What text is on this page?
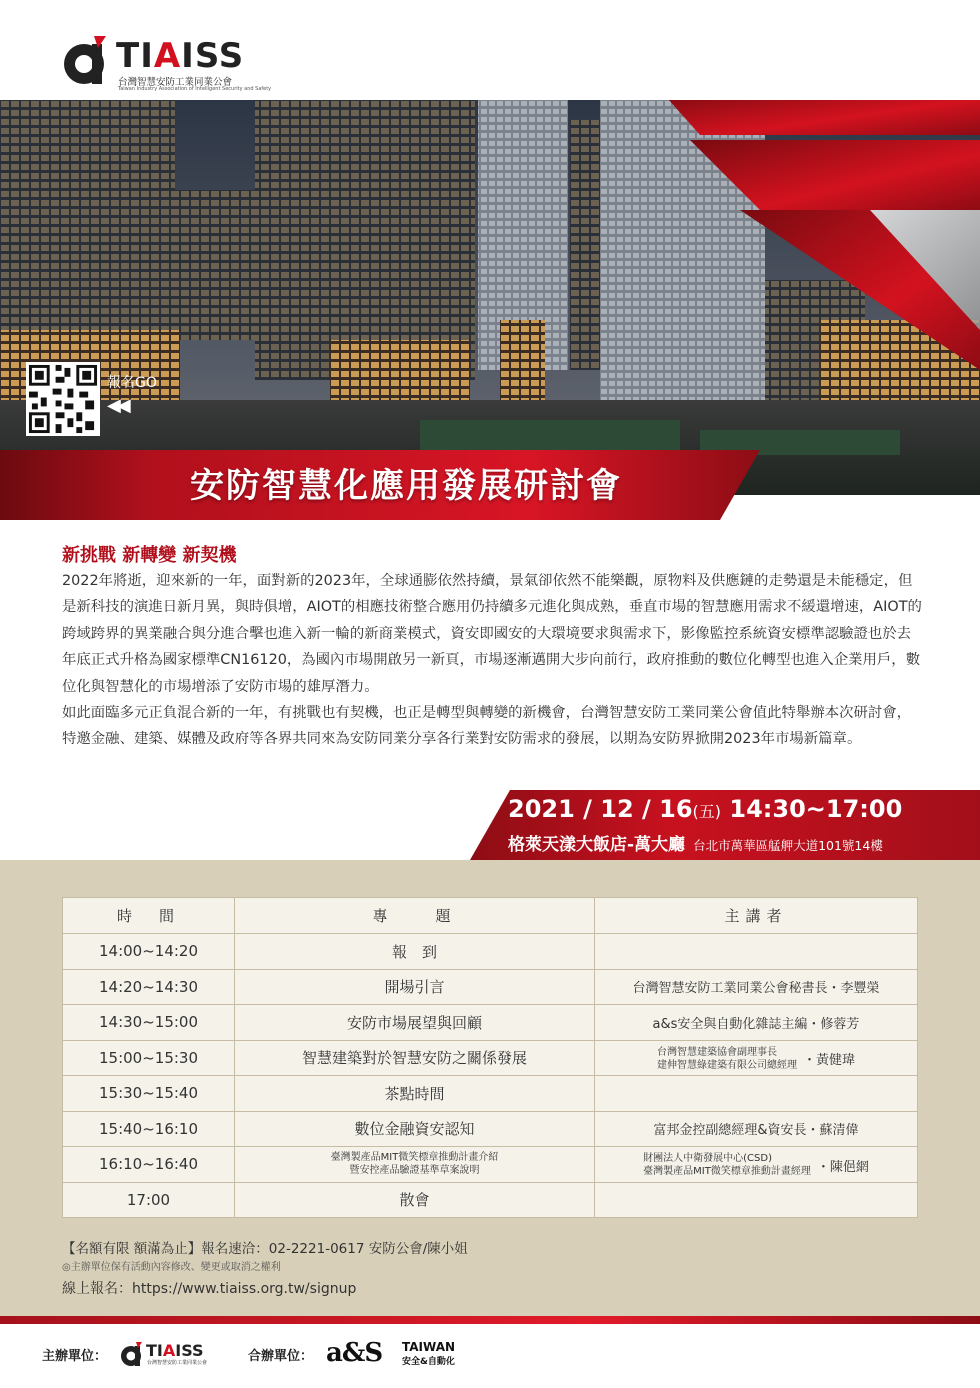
TIAISS
台灣智慧安防工業同業公會
Taiwan Industry Association of Intelligent Security and Safety
報名GO
◀◀
安防智慧化應用發展研討會
新挑戰 新轉變 新契機

2022年將逝，迎來新的一年，面對新的2023年，全球通膨依然持續，景氣卻依然不能樂觀，原物料及供應鏈的走勢還是未能穩定，但是新科技的演進日新月異，與時俱增，AIOT的相應技術整合應用仍持續多元進化與成熟，垂直市場的智慧應用需求不緩還增速，AIOT的跨域跨界的異業融合與分進合擊也進入新一輪的新商業模式，資安即國安的大環境要求與需求下，影像監控系統資安標準認驗證也於去年底正式升格為國家標準CN16120，為國內市場開啟另一新頁，市場逐漸邁開大步向前行，政府推動的數位化轉型也進入企業用戶，數位化與智慧化的市場增添了安防市場的雄厚潛力。

如此面臨多元正負混合新的一年，有挑戰也有契機，也正是轉型與轉變的新機會，台灣智慧安防工業同業公會值此特舉辦本次研討會，特邀金融、建築、媒體及政府等各界共同來為安防同業分享各行業對安防需求的發展，以期為安防界掀開2023年市場新篇章。

2021 / 12 / 16(五) 14:30~17:00
格萊天漾大飯店-萬大廳 台北市萬華區艋舺大道101號14樓
時　間	專　　題	主講者
14:00~14:20	報　到	
14:20~14:30	開場引言	台灣智慧安防工業同業公會秘書長・李豐榮
14:30~15:00	安防市場展望與回顧	a&s安全與自動化雜誌主編・修蓉芳
15:00~15:30	智慧建築對於智慧安防之關係發展	台灣智慧建築協會副理事長
建伸智慧綠建築有限公司總經理 ・黃健瑋

15:30~15:40	茶點時間	
15:40~16:10	數位金融資安認知	富邦金控副總經理&資安長・蘇清偉
16:10~16:40	臺灣製產品MIT微笑標章推動計畫介紹
暨安控產品驗證基準草案說明	財團法人中衛發展中心(CSD)
臺灣製產品MIT微笑標章推動計畫經理 ・陳俋網

17:00	散會	
【名額有限 額滿為止】報名速洽：02-2221-0617 安防公會/陳小姐
◎主辦單位保有活動內容修改、變更或取消之權利
線上報名：https://www.tiaiss.org.tw/signup
主辦單位： TIAISS
台灣智慧安防工業同業公會	合辦單位： a&S TAIWAN
安全&自動化
